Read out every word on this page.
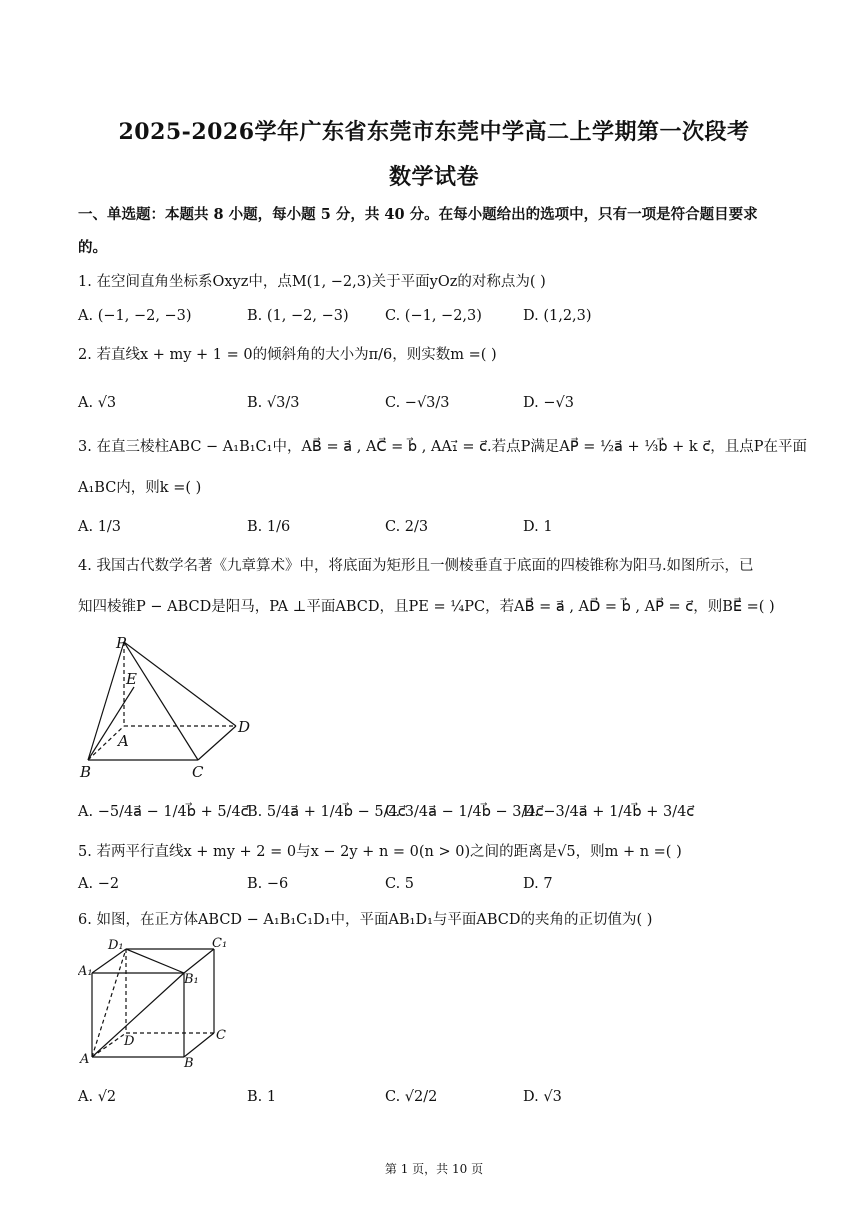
2025-2026学年广东省东莞市东莞中学高二上学期第一次段考
数学试卷
一、单选题：本题共 8 小题，每小题 5 分，共 40 分。在每小题给出的选项中，只有一项是符合题目要求
的。
1. 在空间直角坐标系Oxyz中，点M(1, −2,3)关于平面yOz的对称点为( )
A. (−1, −2, −3)	B. (1, −2, −3)	C. (−1, −2,3)	D. (1,2,3)
2. 若直线x + my + 1 = 0的倾斜角的大小为π/6，则实数m =( )
A. √3	B. √3/3	C. −√3/3	D. −√3
3. 在直三棱柱ABC − A₁B₁C₁中，AB⃗ = a⃗ , AC⃗ = b⃗ , AA₁⃗ = c⃗.若点P满足AP⃗ = ½a⃗ + ⅓b⃗ + k c⃗，且点P在平面
A₁BC内，则k =( )
A. 1/3	B. 1/6	C. 2/3	D. 1
4. 我国古代数学名著《九章算术》中，将底面为矩形且一侧棱垂直于底面的四棱锥称为阳马.如图所示，已
知四棱锥P − ABCD是阳马，PA ⊥平面ABCD，且PE = ¼PC，若AB⃗ = a⃗ , AD⃗ = b⃗ , AP⃗ = c⃗，则BE⃗ =( )
P
E
A
D
B	C
A. −5/4a⃗ − 1/4b⃗ + 5/4c⃗
B. 5/4a⃗ + 1/4b⃗ − 5/4c⃗
C. 3/4a⃗ − 1/4b⃗ − 3/4c⃗
D. −3/4a⃗ + 1/4b⃗ + 3/4c⃗
5. 若两平行直线x + my + 2 = 0与x − 2y + n = 0(n > 0)之间的距离是√5，则m + n =( )
A. −2	B. −6	C. 5	D. 7
6. 如图，在正方体ABCD − A₁B₁C₁D₁中，平面AB₁D₁与平面ABCD的夹角的正切值为( )
D₁	C₁
A₁
B₁
D	C
A	B
A. √2	B. 1	C. √2/2	D. √3
第 1 页，共 10 页
